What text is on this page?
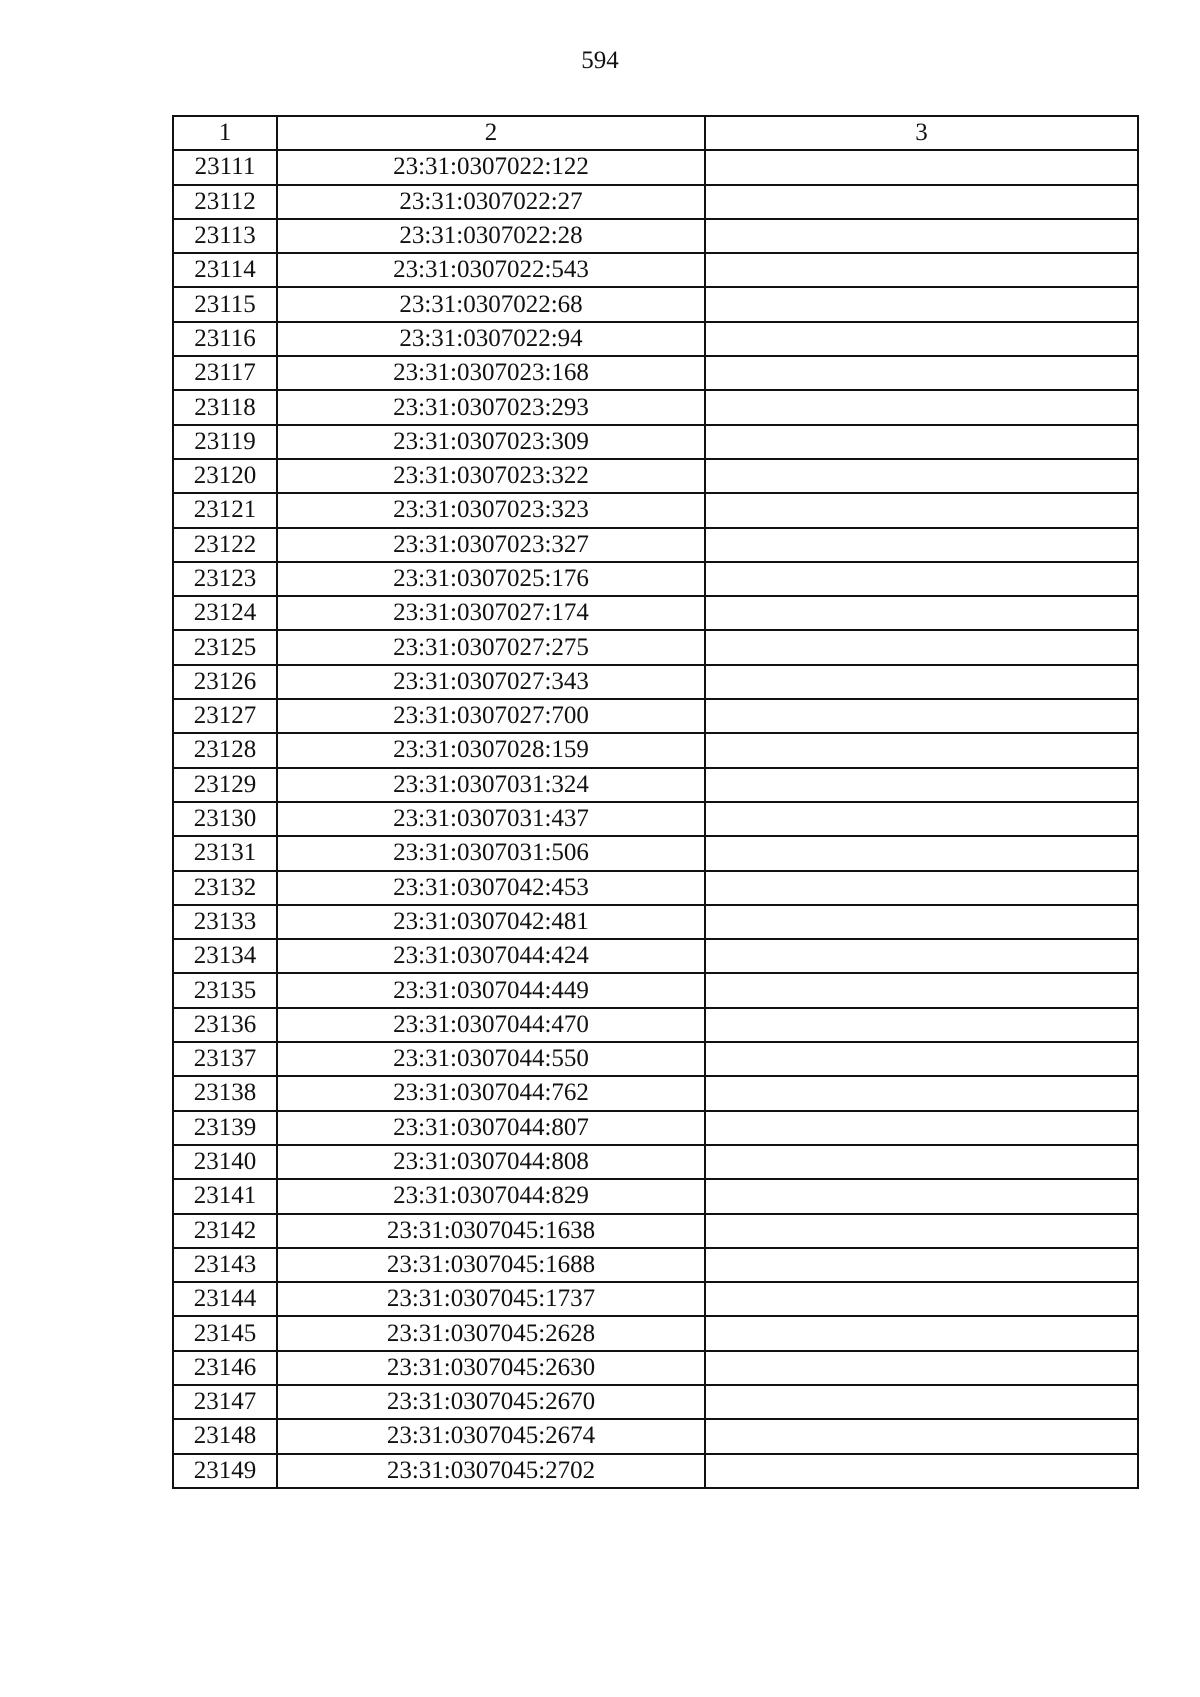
594
1	2	3
23111	23:31:0307022:122	
23112	23:31:0307022:27	
23113	23:31:0307022:28	
23114	23:31:0307022:543	
23115	23:31:0307022:68	
23116	23:31:0307022:94	
23117	23:31:0307023:168	
23118	23:31:0307023:293	
23119	23:31:0307023:309	
23120	23:31:0307023:322	
23121	23:31:0307023:323	
23122	23:31:0307023:327	
23123	23:31:0307025:176	
23124	23:31:0307027:174	
23125	23:31:0307027:275	
23126	23:31:0307027:343	
23127	23:31:0307027:700	
23128	23:31:0307028:159	
23129	23:31:0307031:324	
23130	23:31:0307031:437	
23131	23:31:0307031:506	
23132	23:31:0307042:453	
23133	23:31:0307042:481	
23134	23:31:0307044:424	
23135	23:31:0307044:449	
23136	23:31:0307044:470	
23137	23:31:0307044:550	
23138	23:31:0307044:762	
23139	23:31:0307044:807	
23140	23:31:0307044:808	
23141	23:31:0307044:829	
23142	23:31:0307045:1638	
23143	23:31:0307045:1688	
23144	23:31:0307045:1737	
23145	23:31:0307045:2628	
23146	23:31:0307045:2630	
23147	23:31:0307045:2670	
23148	23:31:0307045:2674	
23149	23:31:0307045:2702	
